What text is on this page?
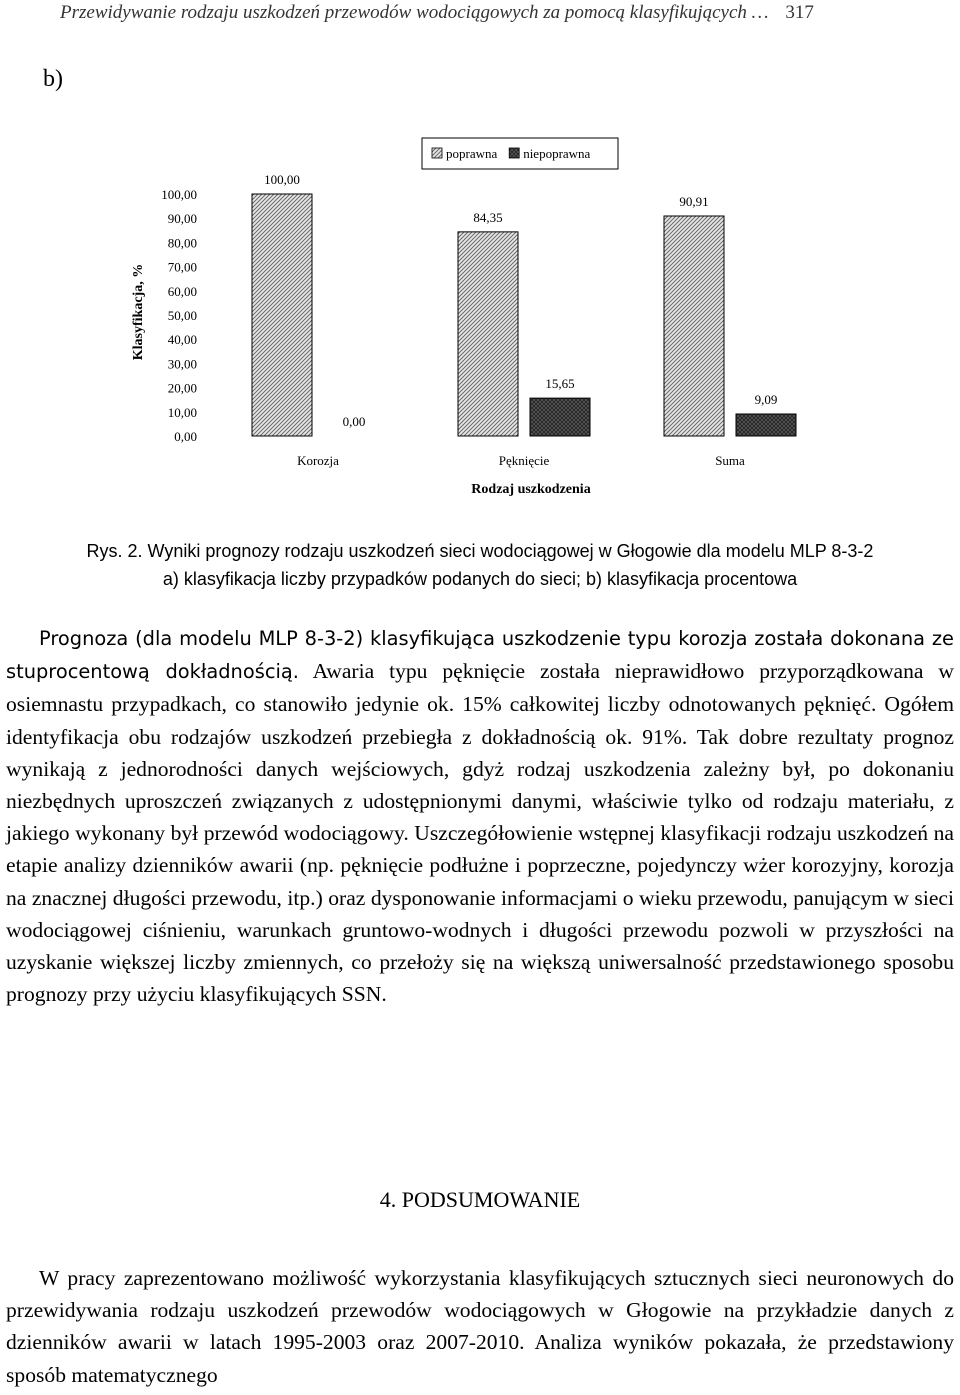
Przewidywanie rodzaju uszkodzeń przewodów wodociągowych za pomocą klasyfikujących … 317
b)
0,00
10,00
20,00
30,00
40,00
50,00
60,00
70,00
80,00
90,00
100,00
Klasyfikacja, %
100,00
0,00
Korozja
84,35
15,65
Pęknięcie
90,91
9,09
Suma
Rodzaj uszkodzenia
poprawna niepoprawna
Rys. 2. Wyniki prognozy rodzaju uszkodzeń sieci wodociągowej w Głogowie dla modelu MLP 8-3-2
a) klasyfikacja liczby przypadków podanych do sieci; b) klasyfikacja procentowa

Prognoza (dla modelu MLP 8-3-2) klasyfikująca uszkodzenie typu korozja została dokonana ze stuprocentową dokładnością. Awaria typu pęknięcie została nieprawidłowo przyporządkowana w osiemnastu przypadkach, co stanowiło jedynie ok. 15% całkowitej liczby odnotowanych pęknięć. Ogółem identyfikacja obu rodzajów uszkodzeń przebiegła z dokładnością ok. 91%. Tak dobre rezultaty prognoz wynikają z jednorodności danych wejściowych, gdyż rodzaj uszkodzenia zależny był, po dokonaniu niezbędnych uproszczeń związanych z udostępnionymi danymi, właściwie tylko od rodzaju materiału, z jakiego wykonany był przewód wodociągowy. Uszczegółowienie wstępnej klasyfikacji rodzaju uszkodzeń na etapie analizy dzienników awarii (np. pęknięcie podłużne i poprzeczne, pojedynczy wżer korozyjny, korozja na znacznej długości przewodu, itp.) oraz dysponowanie informacjami o wieku przewodu, panującym w sieci wodociągowej ciśnieniu, warunkach gruntowo-wodnych i długości przewodu pozwoli w przyszłości na uzyskanie większej liczby zmiennych, co przełoży się na większą uniwersalność przedstawionego sposobu prognozy przy użyciu klasyfikujących SSN.

4. PODSUMOWANIE

W pracy zaprezentowano możliwość wykorzystania klasyfikujących sztucznych sieci neuronowych do przewidywania rodzaju uszkodzeń przewodów wodociągowych w Głogowie na przykładzie danych z dzienników awarii w latach 1995-2003 oraz 2007-2010. Analiza wyników pokazała, że przedstawiony sposób matematycznego
